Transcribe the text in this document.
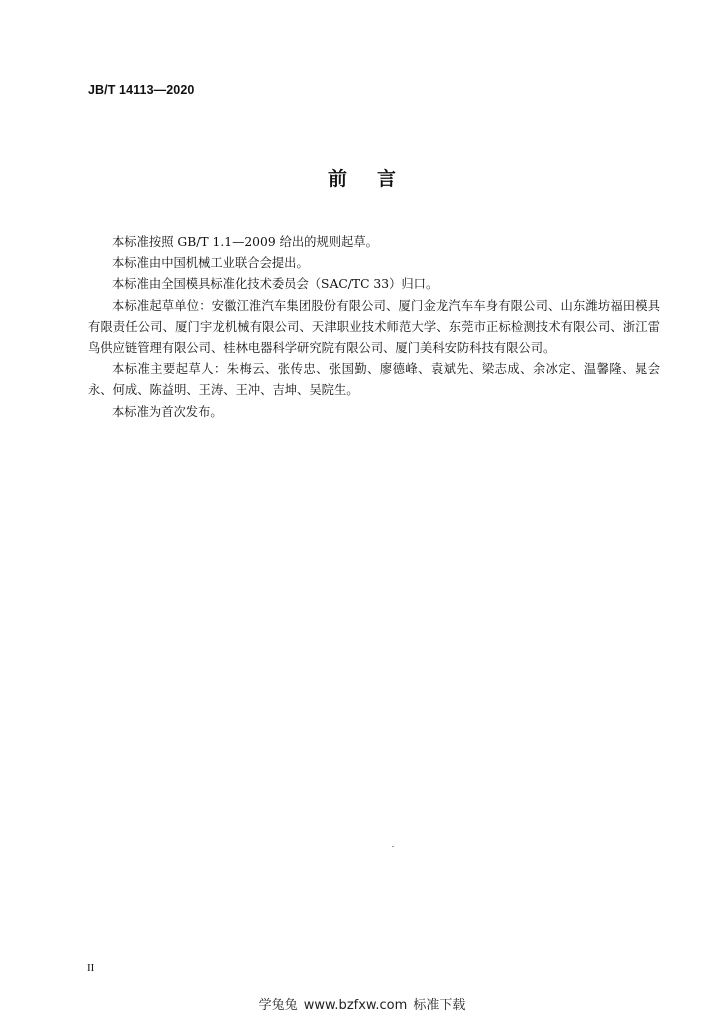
JB/T 14113—2020
前言

本标准按照 GB/T 1.1—2009 给出的规则起草。

本标准由中国机械工业联合会提出。

本标准由全国模具标准化技术委员会（SAC/TC 33）归口。

本标准起草单位：安徽江淮汽车集团股份有限公司、厦门金龙汽车车身有限公司、山东潍坊福田模具有限责任公司、厦门宇龙机械有限公司、天津职业技术师范大学、东莞市正标检测技术有限公司、浙江雷鸟供应链管理有限公司、桂林电器科学研究院有限公司、厦门美科安防科技有限公司。

本标准主要起草人：朱梅云、张传忠、张国勤、廖德峰、袁斌先、梁志成、余冰定、温馨隆、晁会永、何成、陈益明、王涛、王冲、吉坤、吴院生。

本标准为首次发布。

II
学兔兔 www.bzfxw.com 标准下载
